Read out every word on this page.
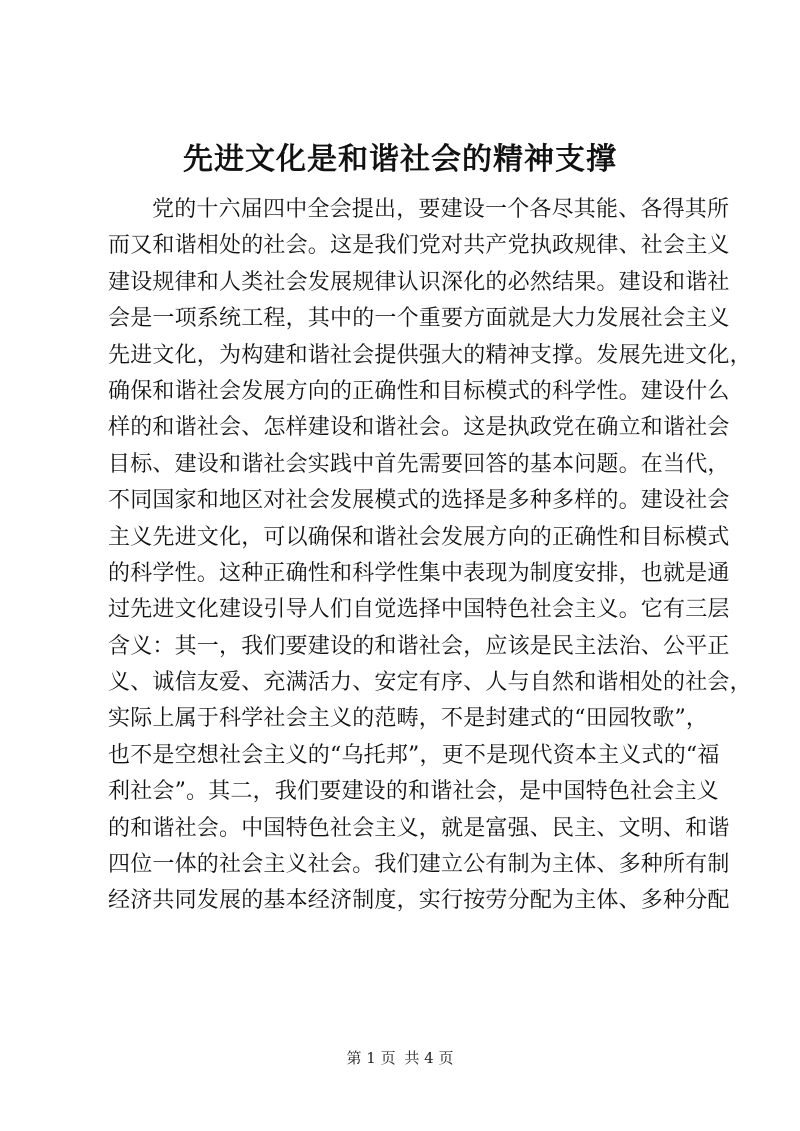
先进文化是和谐社会的精神支撑
党的十六届四中全会提出，要建设一个各尽其能、各得其所
而又和谐相处的社会。这是我们党对共产党执政规律、社会主义
建设规律和人类社会发展规律认识深化的必然结果。建设和谐社
会是一项系统工程，其中的一个重要方面就是大力发展社会主义
先进文化，为构建和谐社会提供强大的精神支撑。发展先进文化，
确保和谐社会发展方向的正确性和目标模式的科学性。建设什么
样的和谐社会、怎样建设和谐社会。这是执政党在确立和谐社会
目标、建设和谐社会实践中首先需要回答的基本问题。在当代，
不同国家和地区对社会发展模式的选择是多种多样的。建设社会
主义先进文化，可以确保和谐社会发展方向的正确性和目标模式
的科学性。这种正确性和科学性集中表现为制度安排，也就是通
过先进文化建设引导人们自觉选择中国特色社会主义。它有三层
含义：其一，我们要建设的和谐社会，应该是民主法治、公平正
义、诚信友爱、充满活力、安定有序、人与自然和谐相处的社会，
实际上属于科学社会主义的范畴，不是封建式的“田园牧歌”，
也不是空想社会主义的“乌托邦”，更不是现代资本主义式的“福
利社会”。其二，我们要建设的和谐社会，是中国特色社会主义
的和谐社会。中国特色社会主义，就是富强、民主、文明、和谐
四位一体的社会主义社会。我们建立公有制为主体、多种所有制
经济共同发展的基本经济制度，实行按劳分配为主体、多种分配
第 1 页 共 4 页
